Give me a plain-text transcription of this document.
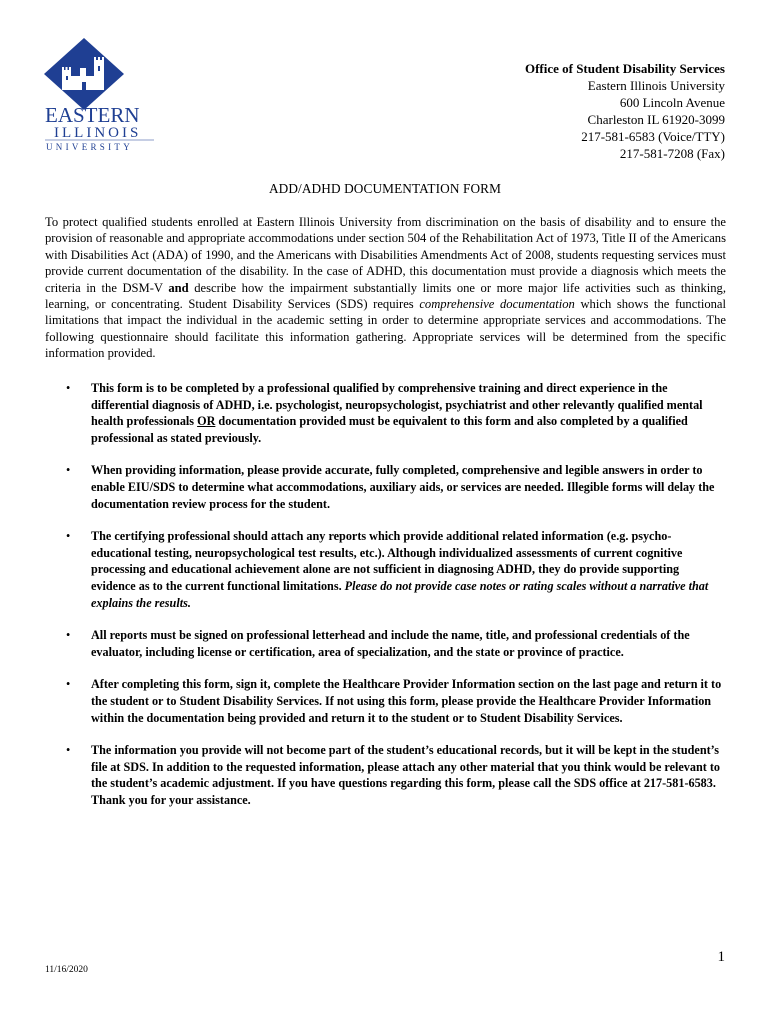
EASTERN
ILLINOIS
UNIVERSITY
Office of Student Disability Services
Eastern Illinois University
600 Lincoln Avenue
Charleston IL 61920-3099
217-581-6583 (Voice/TTY)
217-581-7208 (Fax)
ADD/ADHD DOCUMENTATION FORM
To protect qualified students enrolled at Eastern Illinois University from discrimination on the basis of disability and to ensure the provision of reasonable and appropriate accommodations under section 504 of the Rehabilitation Act of 1973, Title II of the Americans with Disabilities Act (ADA) of 1990, and the Americans with Disabilities Amendments Act of 2008, students requesting services must provide current documentation of the disability. In the case of ADHD, this documentation must provide a diagnosis which meets the criteria in the DSM-V and describe how the impairment substantially limits one or more major life activities such as thinking, learning, or concentrating. Student Disability Services (SDS) requires comprehensive documentation which shows the functional limitations that impact the individual in the academic setting in order to determine appropriate services and accommodations. The following questionnaire should facilitate this information gathering. Appropriate services will be determined from the specific information provided.
• This form is to be completed by a professional qualified by comprehensive training and direct experience in the differential diagnosis of ADHD, i.e. psychologist, neuropsychologist, psychiatrist and other relevantly qualified mental health professionals OR documentation provided must be equivalent to this form and also completed by a qualified professional as stated previously.
• When providing information, please provide accurate, fully completed, comprehensive and legible answers in order to enable EIU/SDS to determine what accommodations, auxiliary aids, or services are needed. Illegible forms will delay the documentation review process for the student.
• The certifying professional should attach any reports which provide additional related information (e.g. psycho-educational testing, neuropsychological test results, etc.). Although individualized assessments of current cognitive processing and educational achievement alone are not sufficient in diagnosing ADHD, they do provide supporting evidence as to the current functional limitations. Please do not provide case notes or rating scales without a narrative that explains the results.
• All reports must be signed on professional letterhead and include the name, title, and professional credentials of the evaluator, including license or certification, area of specialization, and the state or province of practice.
• After completing this form, sign it, complete the Healthcare Provider Information section on the last page and return it to the student or to Student Disability Services. If not using this form, please provide the Healthcare Provider Information within the documentation being provided and return it to the student or to Student Disability Services.
• The information you provide will not become part of the student’s educational records, but it will be kept in the student’s file at SDS. In addition to the requested information, please attach any other material that you think would be relevant to the student’s academic adjustment. If you have questions regarding this form, please call the SDS office at 217-581-6583. Thank you for your assistance.
1
11/16/2020
